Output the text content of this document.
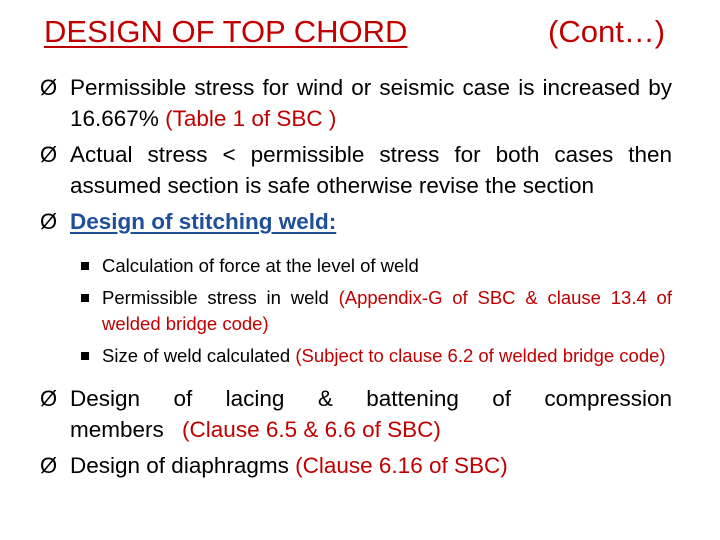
DESIGN OF TOP CHORD	(Cont…)
Ø Permissible stress for wind or seismic case is increased by 16.667% (Table 1 of SBC )
Ø Actual stress < permissible stress for both cases then assumed section is safe otherwise revise the section
Ø Design of stitching weld:
Calculation of force at the level of weld
Permissible stress in weld (Appendix-G of SBC & clause 13.4 of welded bridge code)
Size of weld calculated (Subject to clause 6.2 of welded bridge code)
Ø Design of lacing & battening of compression members (Clause 6.5 & 6.6 of SBC)
Ø Design of diaphragms (Clause 6.16 of SBC)
